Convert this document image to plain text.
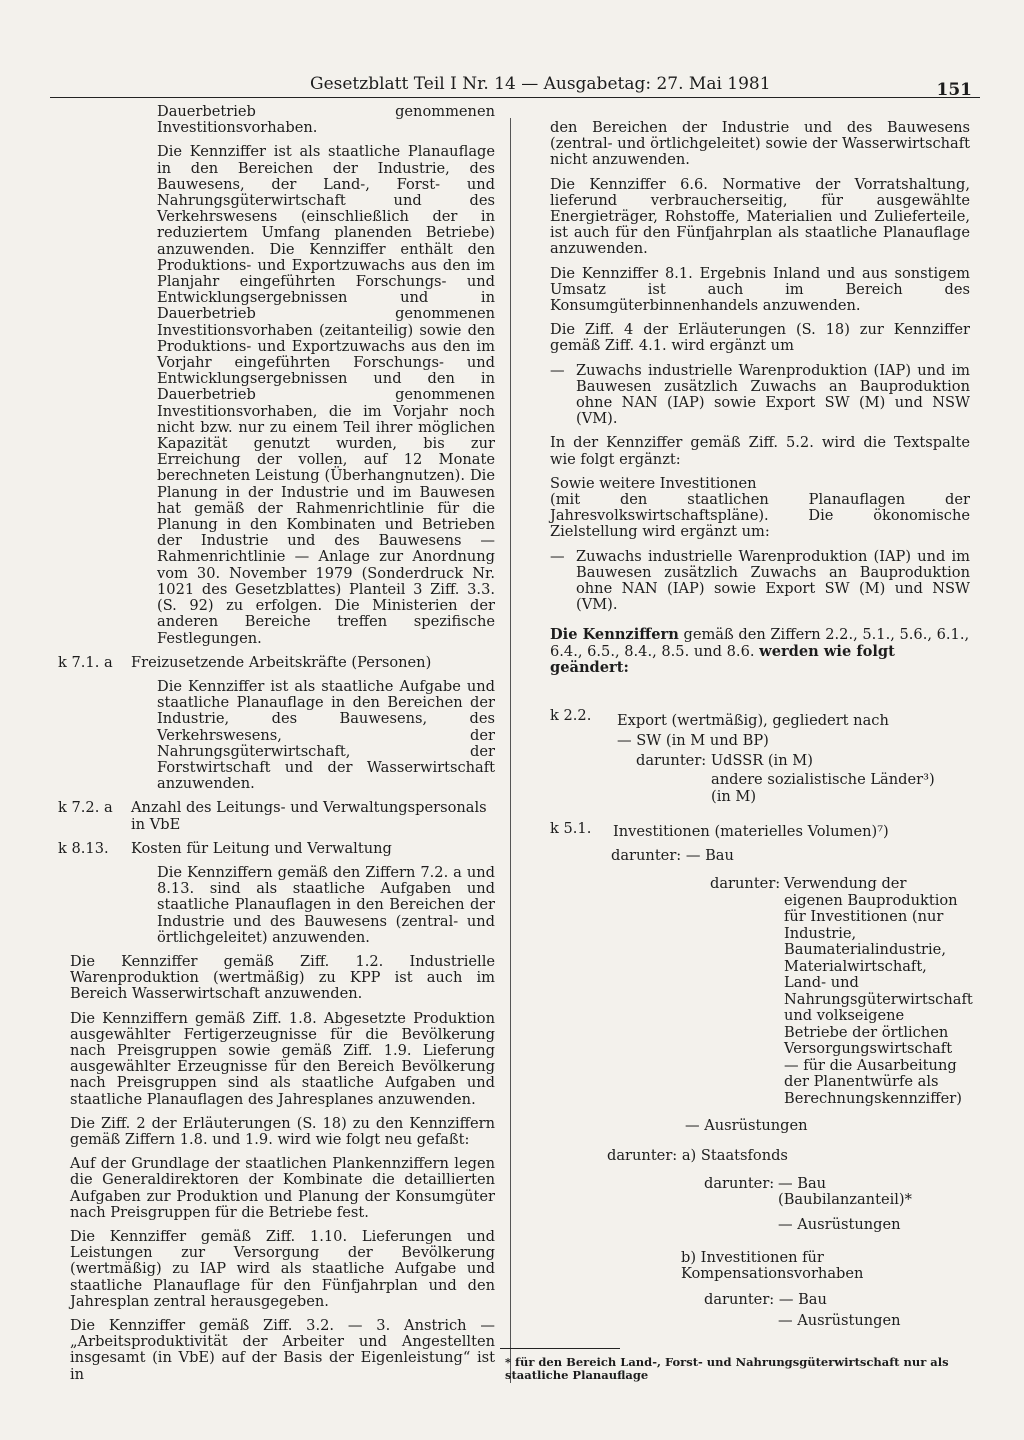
Gesetzblatt Teil I Nr. 14 — Ausgabetag: 27. Mai 1981	151

Dauerbetrieb genommenen Investitionsvorhaben.

Die Kennziffer ist als staatliche Planauflage in den Bereichen der Industrie, des Bauwesens, der Land-, Forst- und Nahrungsgüterwirtschaft und des Verkehrswesens (einschließlich der in reduziertem Umfang planenden Betriebe) anzuwenden. Die Kennziffer enthält den Produktions- und Exportzuwachs aus den im Planjahr eingeführten Forschungs- und Entwicklungsergebnissen und in Dauerbetrieb genommenen Investitionsvorhaben (zeitanteilig) sowie den Produktions- und Exportzuwachs aus den im Vorjahr eingeführten Forschungs- und Entwicklungsergebnissen und den in Dauerbetrieb genommenen Investitionsvorhaben, die im Vorjahr noch nicht bzw. nur zu einem Teil ihrer möglichen Kapazität genutzt wurden, bis zur Erreichung der vollen, auf 12 Monate berechneten Leistung (Überhangnutzen). Die Planung in der Industrie und im Bauwesen hat gemäß der Rahmenrichtlinie für die Planung in den Kombinaten und Betrieben der Industrie und des Bauwesens — Rahmenrichtlinie — Anlage zur Anordnung vom 30. November 1979 (Sonderdruck Nr. 1021 des Gesetzblattes) Planteil 3 Ziff. 3.3. (S. 92) zu erfolgen. Die Ministerien der anderen Bereiche treffen spezifische Festlegungen.

k 7.1. a	Freizusetzende Arbeitskräfte (Personen)

Die Kennziffer ist als staatliche Aufgabe und staatliche Planauflage in den Bereichen der Industrie, des Bauwesens, des Verkehrswesens, der Nahrungsgüterwirtschaft, der Forstwirtschaft und der Wasserwirtschaft anzuwenden.

k 7.2. a	Anzahl des Leitungs- und Verwaltungspersonals in VbE
k 8.13.	Kosten für Leitung und Verwaltung

Die Kennziffern gemäß den Ziffern 7.2. a und 8.13. sind als staatliche Aufgaben und staatliche Planauflagen in den Bereichen der Industrie und des Bauwesens (zentral- und örtlichgeleitet) anzuwenden.

Die Kennziffer gemäß Ziff. 1.2. Industrielle Warenproduktion (wertmäßig) zu KPP ist auch im Bereich Wasserwirtschaft anzuwenden.

Die Kennziffern gemäß Ziff. 1.8. Abgesetzte Produktion ausgewählter Fertigerzeugnisse für die Bevölkerung nach Preisgruppen sowie gemäß Ziff. 1.9. Lieferung ausgewählter Erzeugnisse für den Bereich Bevölkerung nach Preisgruppen sind als staatliche Aufgaben und staatliche Planauflagen des Jahresplanes anzuwenden.

Die Ziff. 2 der Erläuterungen (S. 18) zu den Kennziffern gemäß Ziffern 1.8. und 1.9. wird wie folgt neu gefaßt:

Auf der Grundlage der staatlichen Plankennziffern legen die Generaldirektoren der Kombinate die detaillierten Aufgaben zur Produktion und Planung der Konsumgüter nach Preisgruppen für die Betriebe fest.

Die Kennziffer gemäß Ziff. 1.10. Lieferungen und Leistungen zur Versorgung der Bevölkerung (wertmäßig) zu IAP wird als staatliche Aufgabe und staatliche Planauflage für den Fünfjahrplan und den Jahresplan zentral herausgegeben.

Die Kennziffer gemäß Ziff. 3.2. — 3. Anstrich — „Arbeitsproduktivität der Arbeiter und Angestellten insgesamt (in VbE) auf der Basis der Eigenleistung“ ist in

den Bereichen der Industrie und des Bauwesens (zentral- und örtlichgeleitet) sowie der Wasserwirtschaft nicht anzuwenden.

Die Kennziffer 6.6. Normative der Vorratshaltung, lieferund verbraucherseitig, für ausgewählte Energieträger, Rohstoffe, Materialien und Zulieferteile, ist auch für den Fünfjahrplan als staatliche Planauflage anzuwenden.

Die Kennziffer 8.1. Ergebnis Inland und aus sonstigem Umsatz ist auch im Bereich des Konsumgüterbinnenhandels anzuwenden.

Die Ziff. 4 der Erläuterungen (S. 18) zur Kennziffer gemäß Ziff. 4.1. wird ergänzt um

— Zuwachs industrielle Warenproduktion (IAP) und im Bauwesen zusätzlich Zuwachs an Bauproduktion ohne NAN (IAP) sowie Export SW (M) und NSW (VM).

In der Kennziffer gemäß Ziff. 5.2. wird die Textspalte wie folgt ergänzt:

Sowie weitere Investitionen

(mit den staatlichen Planauflagen der Jahresvolkswirtschaftspläne). Die ökonomische Zielstellung wird ergänzt um:

— Zuwachs industrielle Warenproduktion (IAP) und im Bauwesen zusätzlich Zuwachs an Bauproduktion ohne NAN (IAP) sowie Export SW (M) und NSW (VM).

Die Kennziffern gemäß den Ziffern 2.2., 5.1., 5.6., 6.1., 6.4., 6.5., 8.4., 8.5. und 8.6. werden wie folgt geändert:

k 2.2. Export (wertmäßig), gegliedert nach
— SW (in M und BP)
darunter: UdSSR (in M)
andere sozialistische Länder³)
(in M)
k 5.1. Investitionen (materielles Volumen)⁷)
darunter: — Bau
darunter: Verwendung der eigenen Bauproduktion für Investitionen (nur Industrie, Baumaterialindustrie, Materialwirtschaft, Land- und Nahrungsgüterwirtschaft und volkseigene Betriebe der örtlichen Versorgungswirtschaft — für die Ausarbeitung der Planentwürfe als Berechnungskennziffer)
— Ausrüstungen
darunter: a) Staatsfonds
darunter: — Bau (Baubilanzanteil)*
— Ausrüstungen
b) Investitionen für Kompensationsvorhaben
darunter: — Bau
— Ausrüstungen
* für den Bereich Land-, Forst- und Nahrungsgüterwirtschaft nur als staatliche Planauflage
